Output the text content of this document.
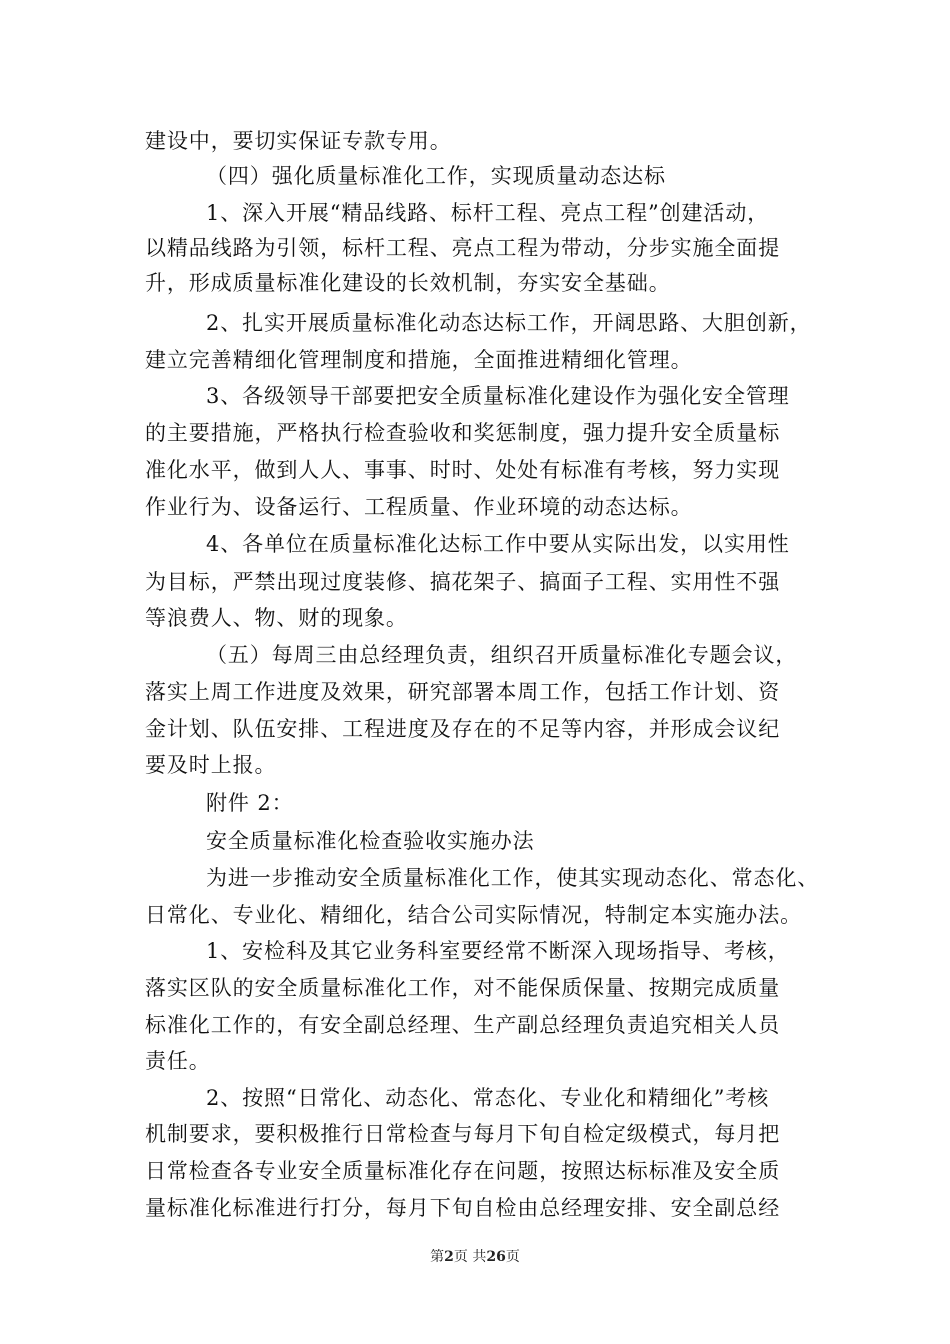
建设中，要切实保证专款专用。
（四）强化质量标准化工作，实现质量动态达标
1、深入开展“精品线路、标杆工程、亮点工程”创建活动，
以精品线路为引领，标杆工程、亮点工程为带动，分步实施全面提
升，形成质量标准化建设的长效机制，夯实安全基础。
2、扎实开展质量标准化动态达标工作，开阔思路、大胆创新，
建立完善精细化管理制度和措施，全面推进精细化管理。
3、各级领导干部要把安全质量标准化建设作为强化安全管理
的主要措施，严格执行检查验收和奖惩制度，强力提升安全质量标
准化水平，做到人人、事事、时时、处处有标准有考核，努力实现
作业行为、设备运行、工程质量、作业环境的动态达标。
4、各单位在质量标准化达标工作中要从实际出发，以实用性
为目标，严禁出现过度装修、搞花架子、搞面子工程、实用性不强
等浪费人、物、财的现象。
（五）每周三由总经理负责，组织召开质量标准化专题会议，
落实上周工作进度及效果，研究部署本周工作，包括工作计划、资
金计划、队伍安排、工程进度及存在的不足等内容，并形成会议纪
要及时上报。
附件 2：
安全质量标准化检查验收实施办法
为进一步推动安全质量标准化工作，使其实现动态化、常态化、
日常化、专业化、精细化，结合公司实际情况，特制定本实施办法。
1、安检科及其它业务科室要经常不断深入现场指导、考核，
落实区队的安全质量标准化工作，对不能保质保量、按期完成质量
标准化工作的，有安全副总经理、生产副总经理负责追究相关人员
责任。
2、按照“日常化、动态化、常态化、专业化和精细化”考核
机制要求，要积极推行日常检查与每月下旬自检定级模式，每月把
日常检查各专业安全质量标准化存在问题，按照达标标准及安全质
量标准化标准进行打分，每月下旬自检由总经理安排、安全副总经
第2页 共26页
